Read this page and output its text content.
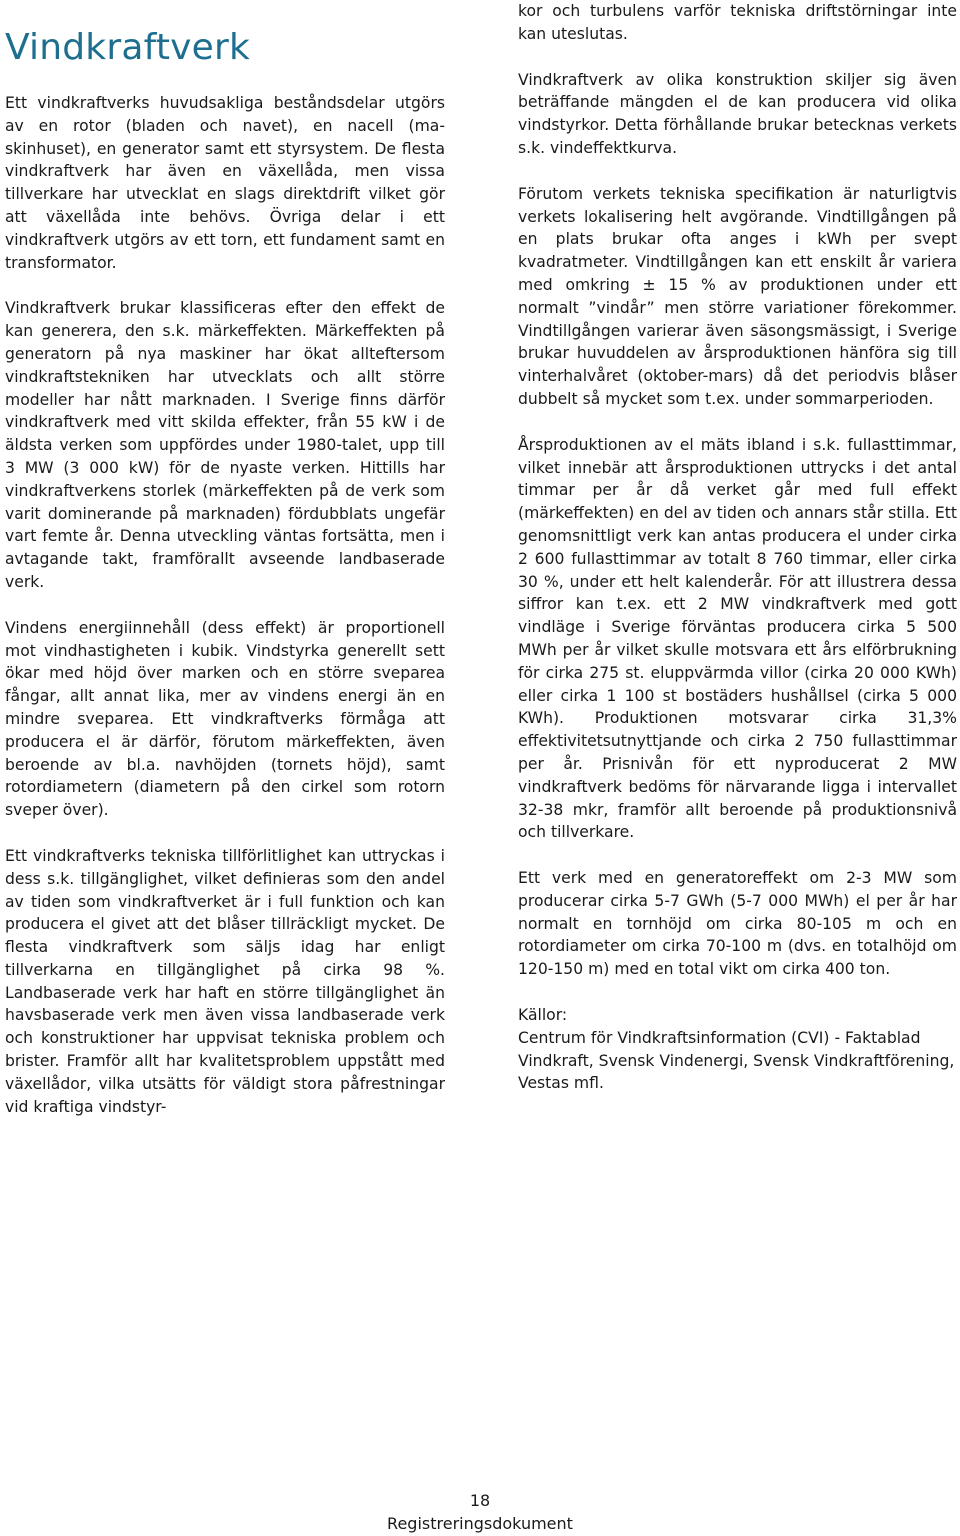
Vindkraftverk

Ett vindkraftverks huvudsakliga beståndsdelar utgörs av en rotor (bladen och navet), en nacell (maskinhuset), en generator samt ett styrsystem. De flesta vindkraftverk har även en växellåda, men vissa tillverkare har utvecklat en slags direktdrift vilket gör att växellåda inte behövs. Övriga delar i ett vindkraftverk utgörs av ett torn, ett fundament samt en transformator.

Vindkraftverk brukar klassificeras efter den effekt de kan generera, den s.k. märkeffekten. Märkeffekten på generatorn på nya maskiner har ökat allteftersom vindkraftstekniken har utvecklats och allt större modeller har nått marknaden. I Sverige finns därför vindkraftverk med vitt skilda effekter, från 55 kW i de äldsta verken som uppfördes under 1980-talet, upp till 3 MW (3 000 kW) för de nyaste verken. Hittills har vindkraftverkens storlek (märkeffekten på de verk som varit dominerande på marknaden) fördubblats ungefär vart femte år. Denna utveckling väntas fortsätta, men i avtagande takt, framförallt avseende landbaserade verk.

Vindens energiinnehåll (dess effekt) är proportionell mot vindhastigheten i kubik. Vindstyrka generellt sett ökar med höjd över marken och en större sveparea fångar, allt annat lika, mer av vindens energi än en mindre sveparea. Ett vindkraftverks förmåga att producera el är därför, förutom märkeffekten, även beroende av bl.a. navhöjden (tornets höjd), samt rotordiametern (diametern på den cirkel som rotorn sveper över).

Ett vindkraftverks tekniska tillförlitlighet kan uttryckas i dess s.k. tillgänglighet, vilket definieras som den andel av tiden som vindkraftverket är i full funktion och kan producera el givet att det blåser tillräckligt mycket. De flesta vindkraftverk som säljs idag har enligt tillverkarna en tillgänglighet på cirka 98 %. Landbaserade verk har haft en större tillgänglighet än havsbaserade verk men även vissa landbaserade verk och konstruktioner har uppvisat tekniska problem och brister. Framför allt har kvalitetsproblem uppstått med växellådor, vilka utsätts för väldigt stora påfrestningar vid kraftiga vindstyr-

kor och turbulens varför tekniska driftstörningar inte kan uteslutas.

Vindkraftverk av olika konstruktion skiljer sig även beträffande mängden el de kan producera vid olika vindstyrkor. Detta förhållande brukar betecknas verkets s.k. vindeffektkurva.

Förutom verkets tekniska specifikation är naturligtvis verkets lokalisering helt avgörande. Vindtillgången på en plats brukar ofta anges i kWh per svept kvadratmeter. Vindtillgången kan ett enskilt år variera med omkring ± 15 % av produktionen under ett normalt ”vindår” men större variationer förekommer. Vindtillgången varierar även säsongsmässigt, i Sverige brukar huvuddelen av årsproduktionen hänföra sig till vinterhalvåret (oktober-mars) då det periodvis blåser dubbelt så mycket som t.ex. under sommarperioden.

Årsproduktionen av el mäts ibland i s.k. fullasttimmar, vilket innebär att årsproduktionen uttrycks i det antal timmar per år då verket går med full effekt (märkeffekten) en del av tiden och annars står stilla. Ett genomsnittligt verk kan antas producera el under cirka 2 600 fullasttimmar av totalt 8 760 timmar, eller cirka 30 %, under ett helt kalenderår. För att illustrera dessa siffror kan t.ex. ett 2 MW vindkraftverk med gott vindläge i Sverige förväntas producera cirka 5 500 MWh per år vilket skulle motsvara ett års elförbrukning för cirka 275 st. eluppvärmda villor (cirka 20 000 KWh) eller cirka 1 100 st bostäders hushållsel (cirka 5 000 KWh). Produktionen motsvarar cirka 31,3% effektivitetsutnyttjande och cirka 2 750 fullasttimmar per år. Prisnivån för ett nyproducerat 2 MW vindkraftverk bedöms för närvarande ligga i intervallet 32-38 mkr, framför allt beroende på produktionsnivå och tillverkare.

Ett verk med en generatoreffekt om 2-3 MW som producerar cirka 5-7 GWh (5-7 000 MWh) el per år har normalt en tornhöjd om cirka 80-105 m och en rotordiameter om cirka 70-100 m (dvs. en totalhöjd om 120-150 m) med en total vikt om cirka 400 ton.

Källor:
Centrum för Vindkraftsinformation (CVI) - Faktablad Vindkraft, Svensk Vindenergi, Svensk Vindkraftförening, Vestas mfl.
18
Registreringsdokument
